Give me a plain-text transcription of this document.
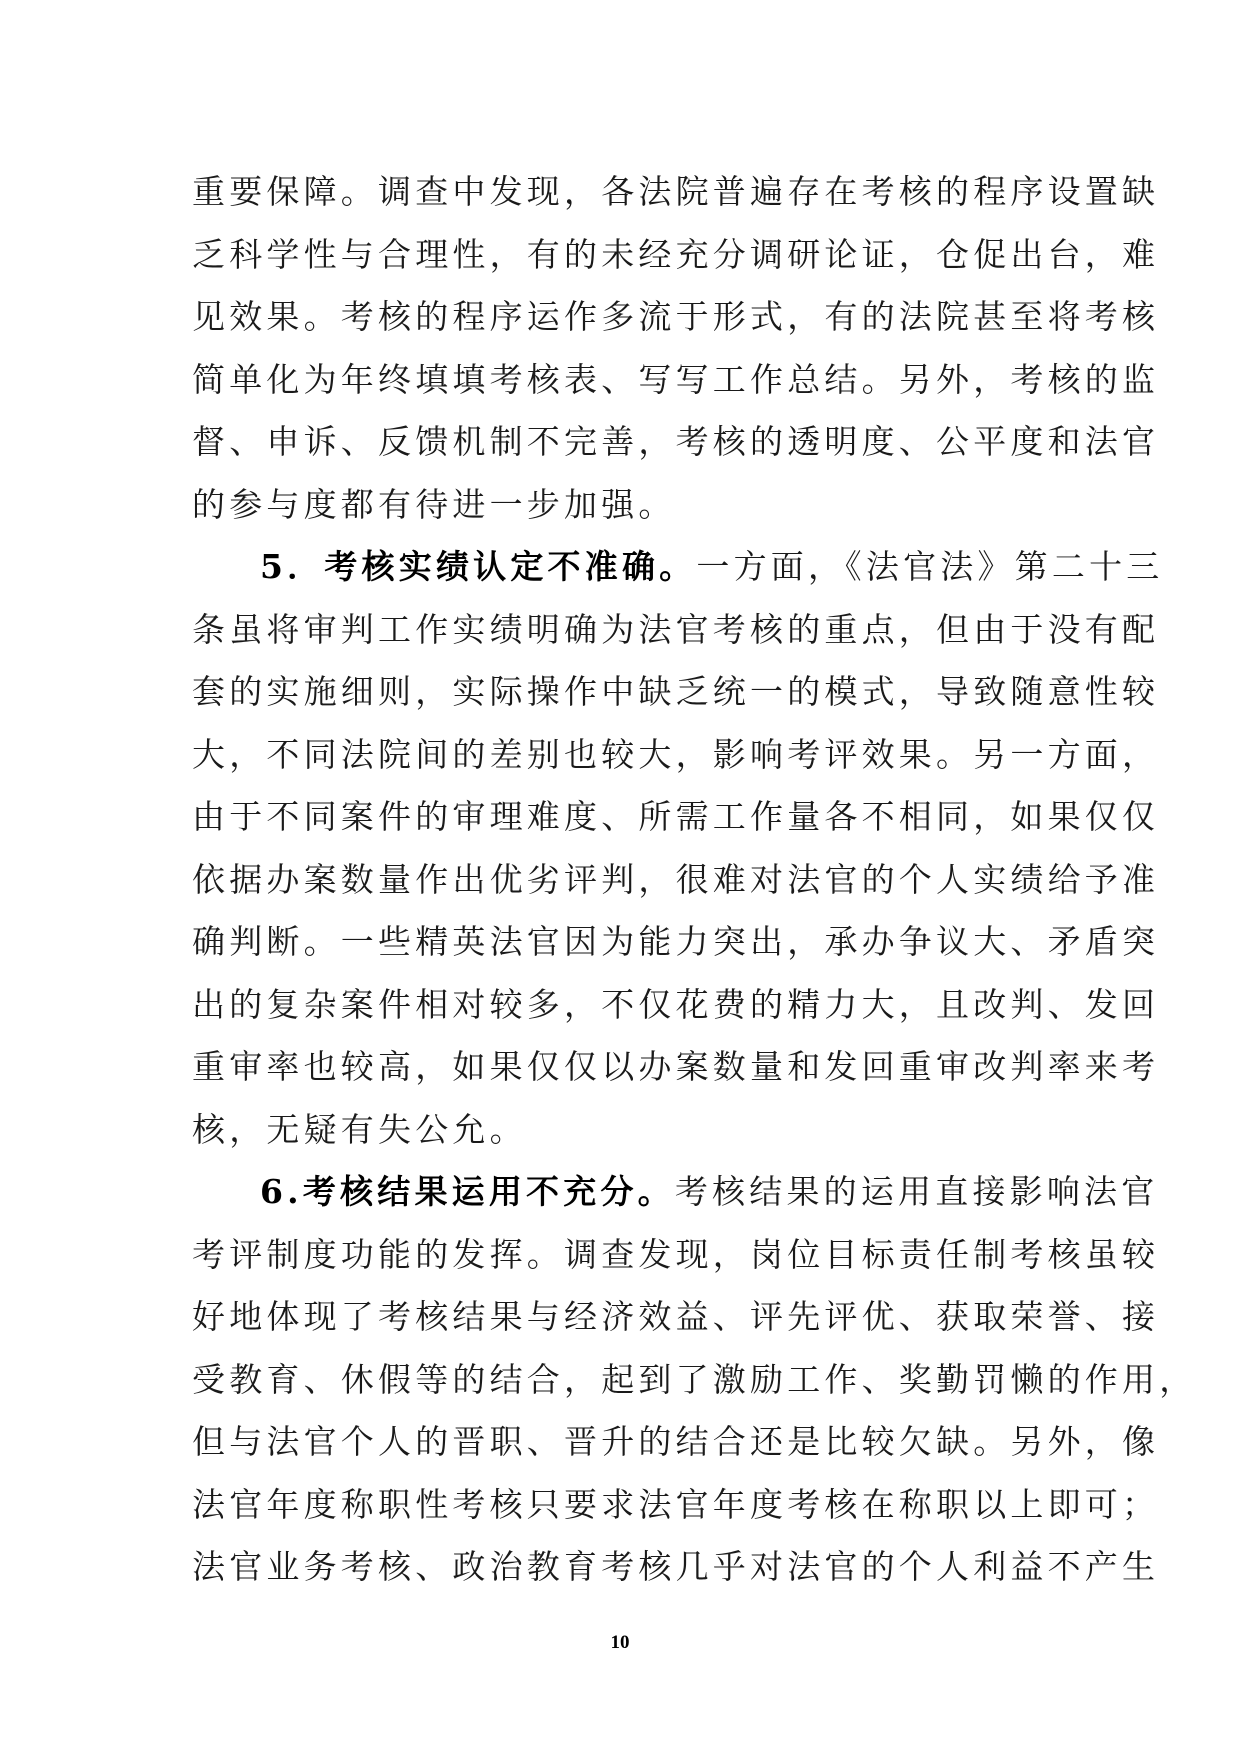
重要保障。调查中发现，各法院普遍存在考核的程序设置缺
乏科学性与合理性，有的未经充分调研论证，仓促出台，难
见效果。考核的程序运作多流于形式，有的法院甚至将考核
简单化为年终填填考核表、写写工作总结。另外，考核的监
督、申诉、反馈机制不完善，考核的透明度、公平度和法官
的参与度都有待进一步加强。
5．考核实绩认定不准确。一方面，《法官法》第二十三
条虽将审判工作实绩明确为法官考核的重点，但由于没有配
套的实施细则，实际操作中缺乏统一的模式，导致随意性较
大，不同法院间的差别也较大，影响考评效果。另一方面，
由于不同案件的审理难度、所需工作量各不相同，如果仅仅
依据办案数量作出优劣评判，很难对法官的个人实绩给予准
确判断。一些精英法官因为能力突出，承办争议大、矛盾突
出的复杂案件相对较多，不仅花费的精力大，且改判、发回
重审率也较高，如果仅仅以办案数量和发回重审改判率来考
核，无疑有失公允。
6.考核结果运用不充分。考核结果的运用直接影响法官
考评制度功能的发挥。调查发现，岗位目标责任制考核虽较
好地体现了考核结果与经济效益、评先评优、获取荣誉、接
受教育、休假等的结合，起到了激励工作、奖勤罚懒的作用，
但与法官个人的晋职、晋升的结合还是比较欠缺。另外，像
法官年度称职性考核只要求法官年度考核在称职以上即可；
法官业务考核、政治教育考核几乎对法官的个人利益不产生
10
